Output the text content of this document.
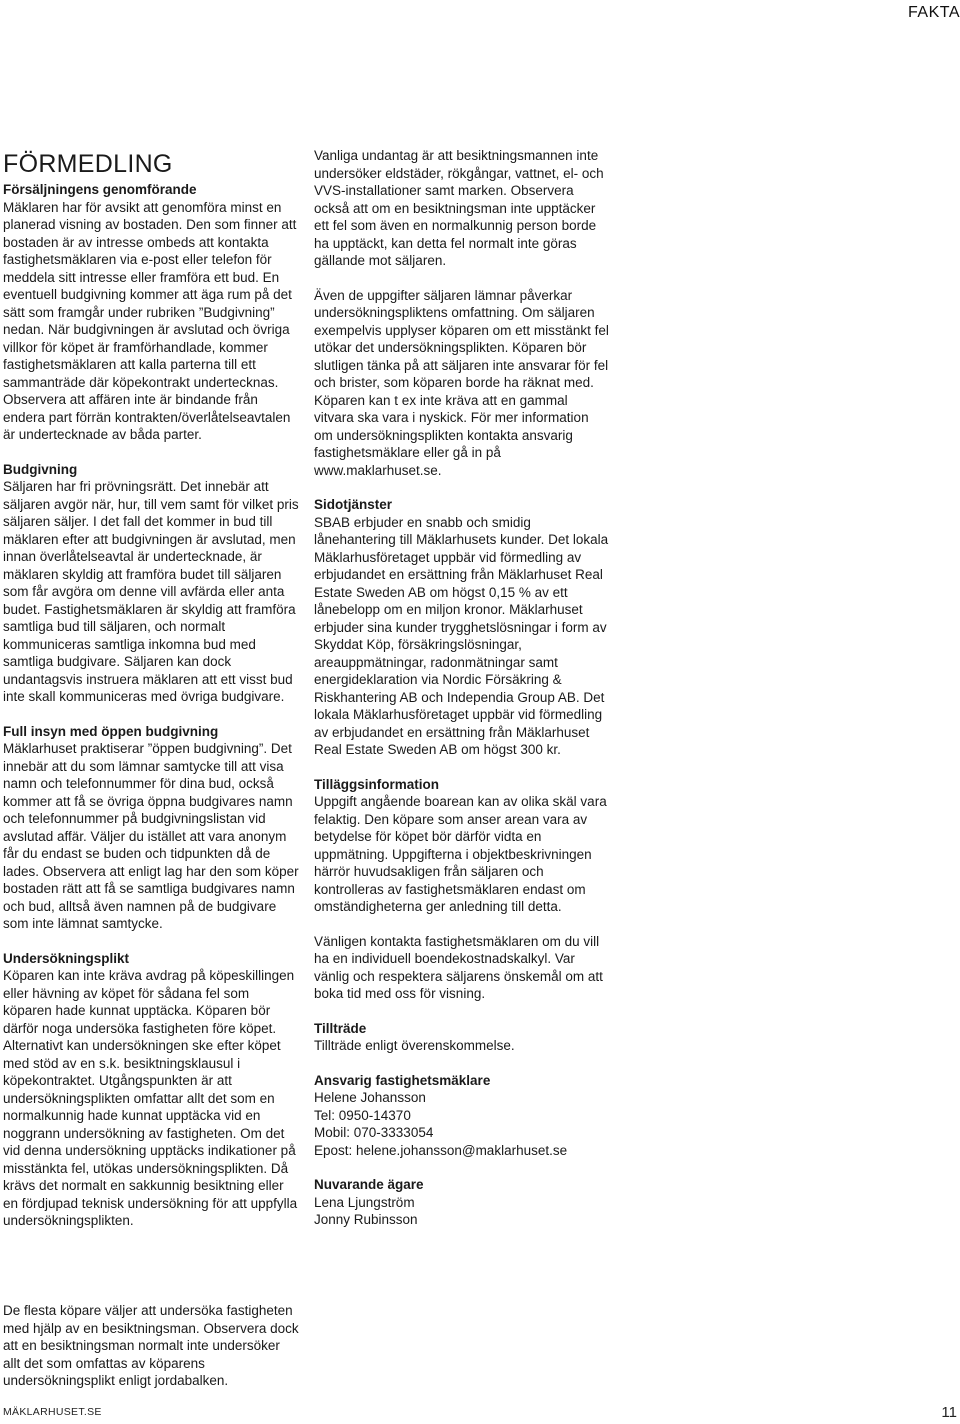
FAKTA
FÖRMEDLING
Försäljningens genomförande

Mäklaren har för avsikt att genomföra minst en planerad visning av bostaden. Den som finner att bostaden är av intresse ombeds att kontakta fastighetsmäklaren via e-post eller telefon för meddela sitt intresse eller framföra ett bud. En eventuell budgivning kommer att äga rum på det sätt som framgår under rubriken ”Budgivning” nedan. När budgivningen är avslutad och övriga villkor för köpet är framförhandlade, kommer fastighetsmäklaren att kalla parterna till ett sammanträde där köpekontrakt undertecknas. Observera att affären inte är bindande från endera part förrän kontrakten/överlåtelseavtalen är undertecknade av båda parter.

Budgivning

Säljaren har fri prövningsrätt. Det innebär att säljaren avgör när, hur, till vem samt för vilket pris säljaren säljer. I det fall det kommer in bud till mäklaren efter att budgivningen är avslutad, men innan överlåtelseavtal är undertecknade, är mäklaren skyldig att framföra budet till säljaren som får avgöra om denne vill avfärda eller anta budet. Fastighetsmäklaren är skyldig att framföra samtliga bud till säljaren, och normalt kommuniceras samtliga inkomna bud med samtliga budgivare. Säljaren kan dock undantagsvis instruera mäklaren att ett visst bud inte skall kommuniceras med övriga budgivare.

Full insyn med öppen budgivning

Mäklarhuset praktiserar ”öppen budgivning”. Det innebär att du som lämnar samtycke till att visa namn och telefonnummer för dina bud, också kommer att få se övriga öppna budgivares namn och telefonnummer på budgivningslistan vid avslutad affär. Väljer du istället att vara anonym får du endast se buden och tidpunkten då de lades. Observera att enligt lag har den som köper bostaden rätt att få se samtliga budgivares namn och bud, alltså även namnen på de budgivare som inte lämnat samtycke.

Undersökningsplikt

Köparen kan inte kräva avdrag på köpeskillingen eller hävning av köpet för sådana fel som köparen hade kunnat upptäcka. Köparen bör därför noga undersöka fastigheten före köpet. Alternativt kan undersökningen ske efter köpet med stöd av en s.k. besiktningsklausul i köpekontraktet. Utgångspunkten är att undersökningsplikten omfattar allt det som en normalkunnig hade kunnat upptäcka vid en noggrann undersökning av fastigheten. Om det vid denna undersökning upptäcks indikationer på misstänkta fel, utökas undersökningsplikten. Då krävs det normalt en sakkunnig besiktning eller en fördjupad teknisk undersökning för att uppfylla undersökningsplikten.

De flesta köpare väljer att undersöka fastigheten med hjälp av en besiktningsman. Observera dock att en besiktningsman normalt inte undersöker allt det som omfattas av köparens undersökningsplikt enligt jordabalken.

Vanliga undantag är att besiktningsmannen inte undersöker eldstäder, rökgångar, vattnet, el- och VVS-installationer samt marken. Observera också att om en besiktningsman inte upptäcker ett fel som även en normalkunnig person borde ha upptäckt, kan detta fel normalt inte göras gällande mot säljaren.

Även de uppgifter säljaren lämnar påverkar undersökningspliktens omfattning. Om säljaren exempelvis upplyser köparen om ett misstänkt fel utökar det undersökningsplikten. Köparen bör slutligen tänka på att säljaren inte ansvarar för fel och brister, som köparen borde ha räknat med. Köparen kan t ex inte kräva att en gammal vitvara ska vara i nyskick. För mer information om undersökningsplikten kontakta ansvarig fastighetsmäklare eller gå in på www.maklarhuset.se.

Sidotjänster

SBAB erbjuder en snabb och smidig lånehantering till Mäklarhusets kunder. Det lokala Mäklarhusföretaget uppbär vid förmedling av erbjudandet en ersättning från Mäklarhuset Real Estate Sweden AB om högst 0,15 % av ett lånebelopp om en miljon kronor. Mäklarhuset erbjuder sina kunder trygghetslösningar i form av Skyddat Köp, försäkringslösningar, areauppmätningar, radonmätningar samt energideklaration via Nordic Försäkring & Riskhantering AB och Independia Group AB. Det lokala Mäklarhusföretaget uppbär vid förmedling av erbjudandet en ersättning från Mäklarhuset Real Estate Sweden AB om högst 300 kr.

Tilläggsinformation

Uppgift angående boarean kan av olika skäl vara felaktig. Den köpare som anser arean vara av betydelse för köpet bör därför vidta en uppmätning. Uppgifterna i objektbeskrivningen härrör huvudsakligen från säljaren och kontrolleras av fastighetsmäklaren endast om omständigheterna ger anledning till detta.

Vänligen kontakta fastighetsmäklaren om du vill ha en individuell boendekostnadskalkyl. Var vänlig och respektera säljarens önskemål om att boka tid med oss för visning.

Tillträde

Tillträde enligt överenskommelse.

Ansvarig fastighetsmäklare
Helene Johansson
Tel: 0950-14370
Mobil: 070-3333054
Epost: helene.johansson@maklarhuset.se
Nuvarande ägare
Lena Ljungström
Jonny Rubinsson
MÄKLARHUSET.SE	11
